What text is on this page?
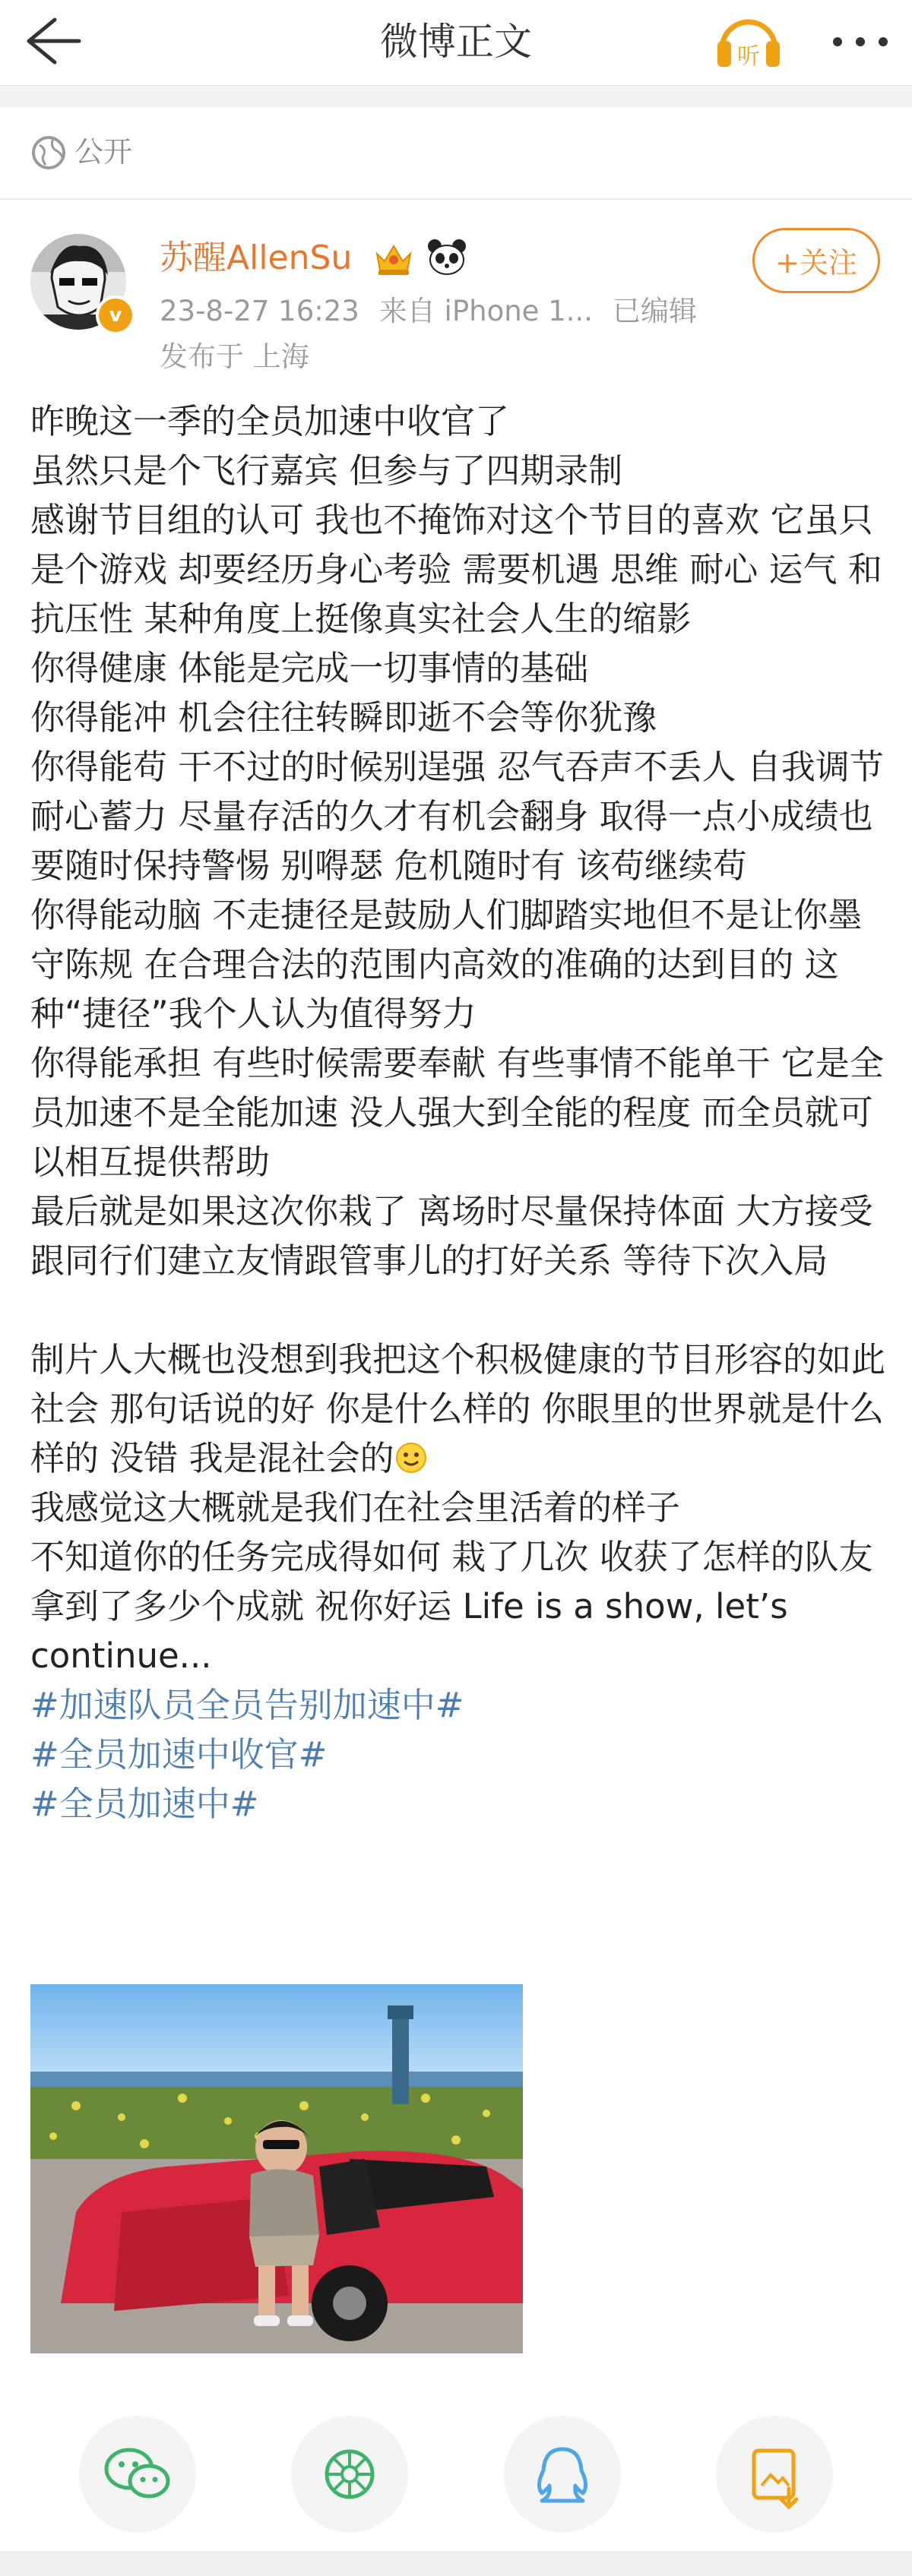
微博正文	听
公开
v
苏醒AllenSu	+关注
23-8-27 16:23 来自 iPhone 1... 已编辑
发布于 上海

昨晚这一季的全员加速中收官了

虽然只是个飞行嘉宾 但参与了四期录制

感谢节目组的认可 我也不掩饰对这个节目的喜欢 它虽只是个游戏 却要经历身心考验 需要机遇 思维 耐心 运气 和抗压性 某种角度上挺像真实社会人生的缩影

你得健康 体能是完成一切事情的基础

你得能冲 机会往往转瞬即逝不会等你犹豫

你得能苟 干不过的时候别逞强 忍气吞声不丢人 自我调节 耐心蓄力 尽量存活的久才有机会翻身 取得一点小成绩也要随时保持警惕 别嘚瑟 危机随时有 该苟继续苟

你得能动脑 不走捷径是鼓励人们脚踏实地但不是让你墨守陈规 在合理合法的范围内高效的准确的达到目的 这种“捷径”我个人认为值得努力

你得能承担 有些时候需要奉献 有些事情不能单干 它是全员加速不是全能加速 没人强大到全能的程度 而全员就可以相互提供帮助

最后就是如果这次你栽了 离场时尽量保持体面 大方接受 跟同行们建立友情跟管事儿的打好关系 等待下次入局

制片人大概也没想到我把这个积极健康的节目形容的如此社会 那句话说的好 你是什么样的 你眼里的世界就是什么样的 没错 我是混社会的

我感觉这大概就是我们在社会里活着的样子

不知道你的任务完成得如何 栽了几次 收获了怎样的队友 拿到了多少个成就 祝你好运 Life is a show, let’s continue...

#加速队员全员告别加速中#

#全员加速中收官#

#全员加速中#
